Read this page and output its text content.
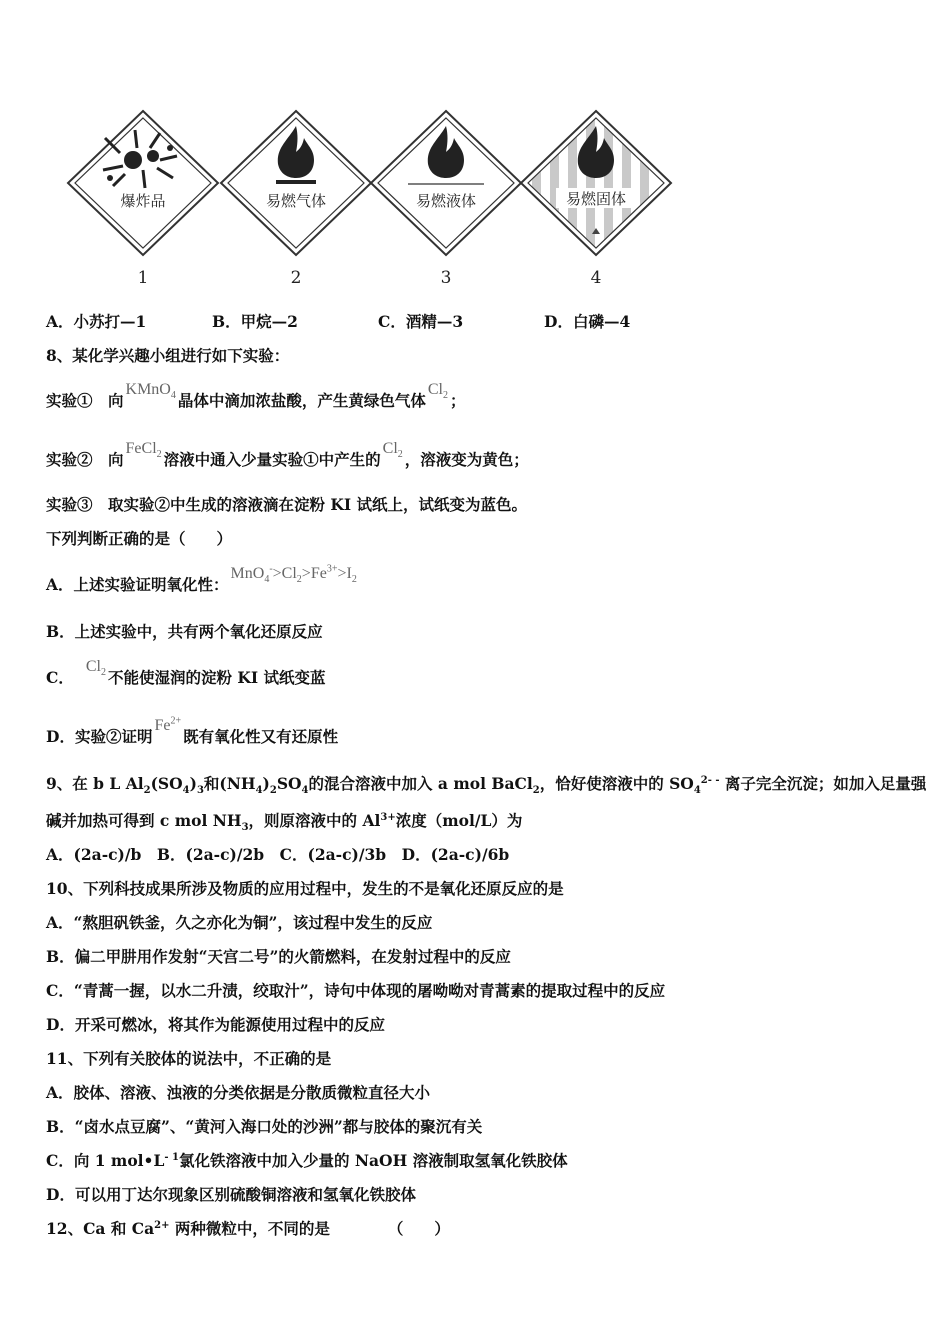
爆炸品
1
易燃气体
2
易燃液体
3
易燃固体
4
A．小苏打—1	B．甲烷—2	C．酒精—3	D．白磷—4
8、某化学兴趣小组进行如下实验：
实验①　向KMnO$_4$ 晶体中滴加浓盐酸，产生黄绿色气体$Cl_2$ ；
实验②　向FeCl$_2$ 溶液中通入少量实验①中产生的$Cl_2$ ，溶液变为黄色；
实验③　取实验②中生成的溶液滴在淀粉 KI 试纸上，试纸变为蓝色。
下列判断正确的是（　　）
A．上述实验证明氧化性：$MnO_4^->Cl_2>Fe^{3+}>I_2$
B．上述实验中，共有两个氧化还原反应
C．$Cl_2$ 不能使湿润的淀粉 KI 试纸变蓝
D．实验②证明$Fe^{2+}$既有氧化性又有还原性
9、在 b L $Al_2(SO_4)_3$和$(NH_4)_2SO_4$的混合溶液中加入 a mol BaCl$_2$，恰好使溶液中的 $SO_4^{2- -}$ 离子完全沉淀；如加入足量强
碱并加热可得到 c mol $NH_3$，则原溶液中的 $Al^{3+}$浓度（mol/L）为
A．(2a-c)/b　B．(2a-c)/2b　C．(2a-c)/3b　D．(2a-c)/6b
10、下列科技成果所涉及物质的应用过程中，发生的不是氧化还原反应的是
A．“熬胆矾铁釜，久之亦化为铜”，该过程中发生的反应
B．偏二甲肼用作发射“天宫二号”的火箭燃料，在发射过程中的反应
C．“青蒿一握，以水二升渍，绞取汁”，诗句中体现的屠呦呦对青蒿素的提取过程中的反应
D．开采可燃冰，将其作为能源使用过程中的反应
11、下列有关胶体的说法中，不正确的是
A．胶体、溶液、浊液的分类依据是分散质微粒直径大小
B．“卤水点豆腐”、“黄河入海口处的沙洲”都与胶体的聚沉有关
C．向 1 $mol•L^{- 1}$氯化铁溶液中加入少量的 NaOH 溶液制取氢氧化铁胶体
D．可以用丁达尔现象区别硫酸铜溶液和氢氧化铁胶体
12、Ca 和 $Ca^{2+}$ 两种微粒中，不同的是	（　　）
